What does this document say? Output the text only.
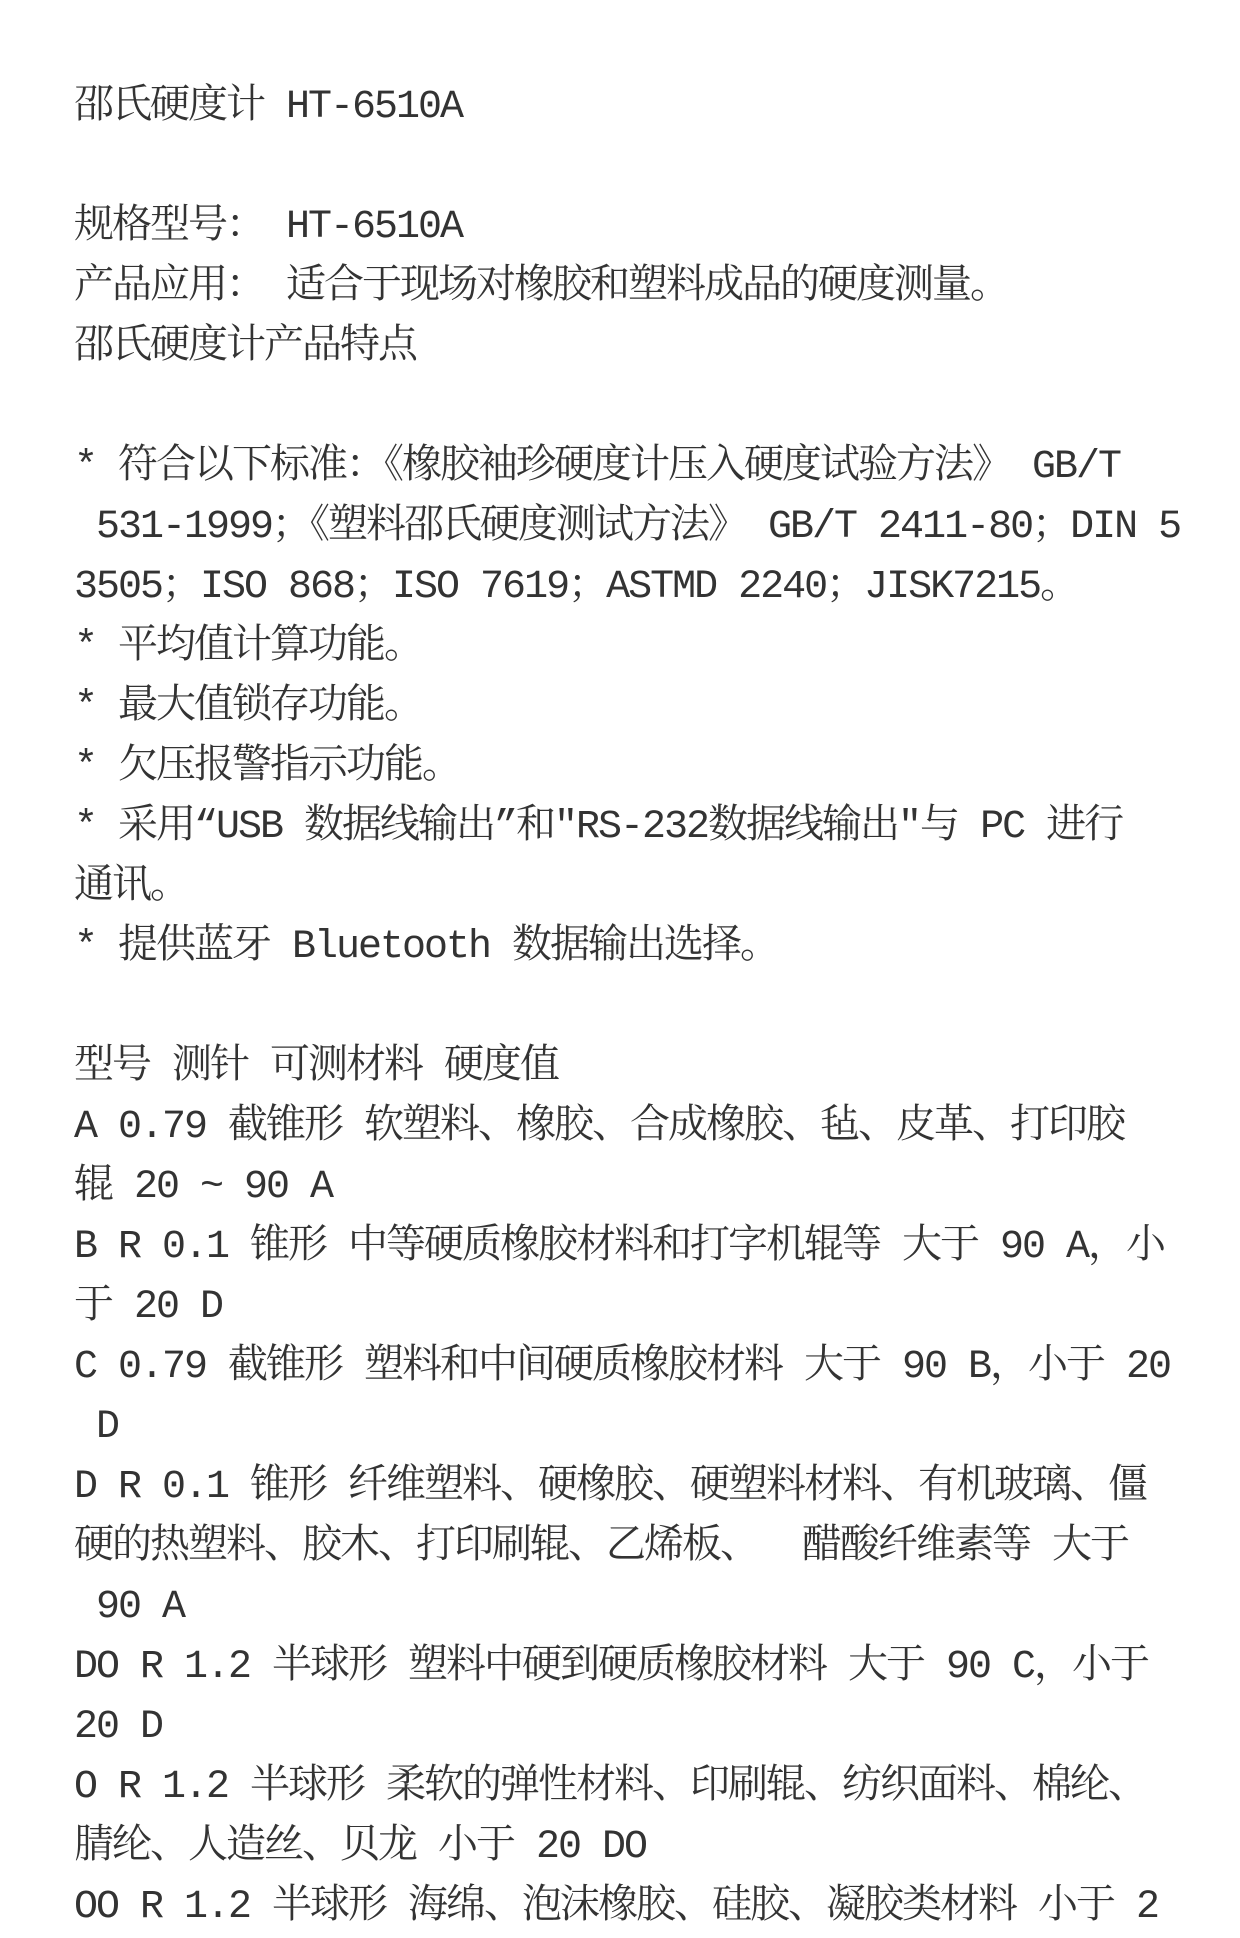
邵氏硬度计 HT-6510A
规格型号： HT-6510A
产品应用： 适合于现场对橡胶和塑料成品的硬度测量。
邵氏硬度计产品特点
* 符合以下标准：《橡胶袖珍硬度计压入硬度试验方法》 GB/T
531-1999；《塑料邵氏硬度测试方法》 GB/T 2411-80；DIN 5
3505；ISO 868；ISO 7619；ASTMD 2240；JISK7215。
* 平均值计算功能。
* 最大值锁存功能。
* 欠压报警指示功能。
* 采用“USB 数据线输出”和"RS-232数据线输出"与 PC 进行
通讯。
* 提供蓝牙 Bluetooth 数据输出选择。
型号 测针 可测材料 硬度值
A 0.79 截锥形 软塑料、橡胶、合成橡胶、毡、皮革、打印胶
辊 20 ~ 90 A
B R 0.1 锥形 中等硬质橡胶材料和打字机辊等 大于 90 A，小
于 20 D
C 0.79 截锥形 塑料和中间硬质橡胶材料 大于 90 B，小于 20
D
D R 0.1 锥形 纤维塑料、硬橡胶、硬塑料材料、有机玻璃、僵
硬的热塑料、胶木、打印刷辊、乙烯板、  醋酸纤维素等 大于
90 A
DO R 1.2 半球形 塑料中硬到硬质橡胶材料 大于 90 C，小于
20 D
O R 1.2 半球形 柔软的弹性材料、印刷辊、纺织面料、棉纶、
腈纶、人造丝、贝龙 小于 20 DO
OO R 1.2 半球形 海绵、泡沫橡胶、硅胶、凝胶类材料 小于 2
